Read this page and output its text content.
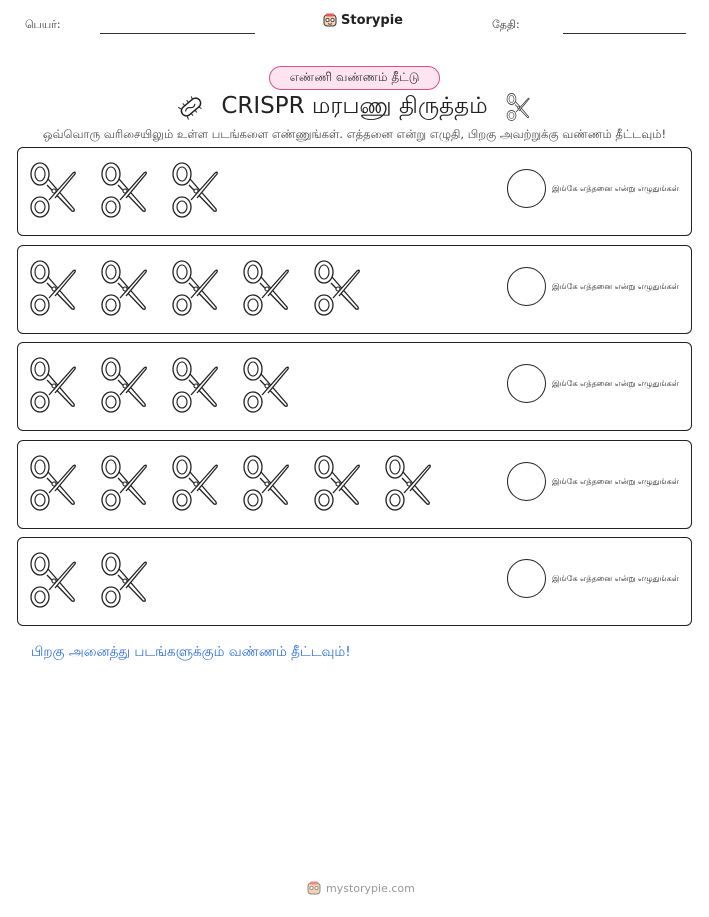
பெயர்:	Storypie	தேதி:
எண்ணி வண்ணம் தீட்டு
CRISPR மரபணு திருத்தம்
ஒவ்வொரு வரிசையிலும் உள்ள படங்களை எண்ணுங்கள். எத்தனை என்று எழுதி, பிறகு அவற்றுக்கு வண்ணம் தீட்டவும்!
இங்கே எத்தனை என்று எழுதுங்கள்
இங்கே எத்தனை என்று எழுதுங்கள்
இங்கே எத்தனை என்று எழுதுங்கள்
இங்கே எத்தனை என்று எழுதுங்கள்
இங்கே எத்தனை என்று எழுதுங்கள்
பிறகு அனைத்து படங்களுக்கும் வண்ணம் தீட்டவும்!
mystorypie.com
